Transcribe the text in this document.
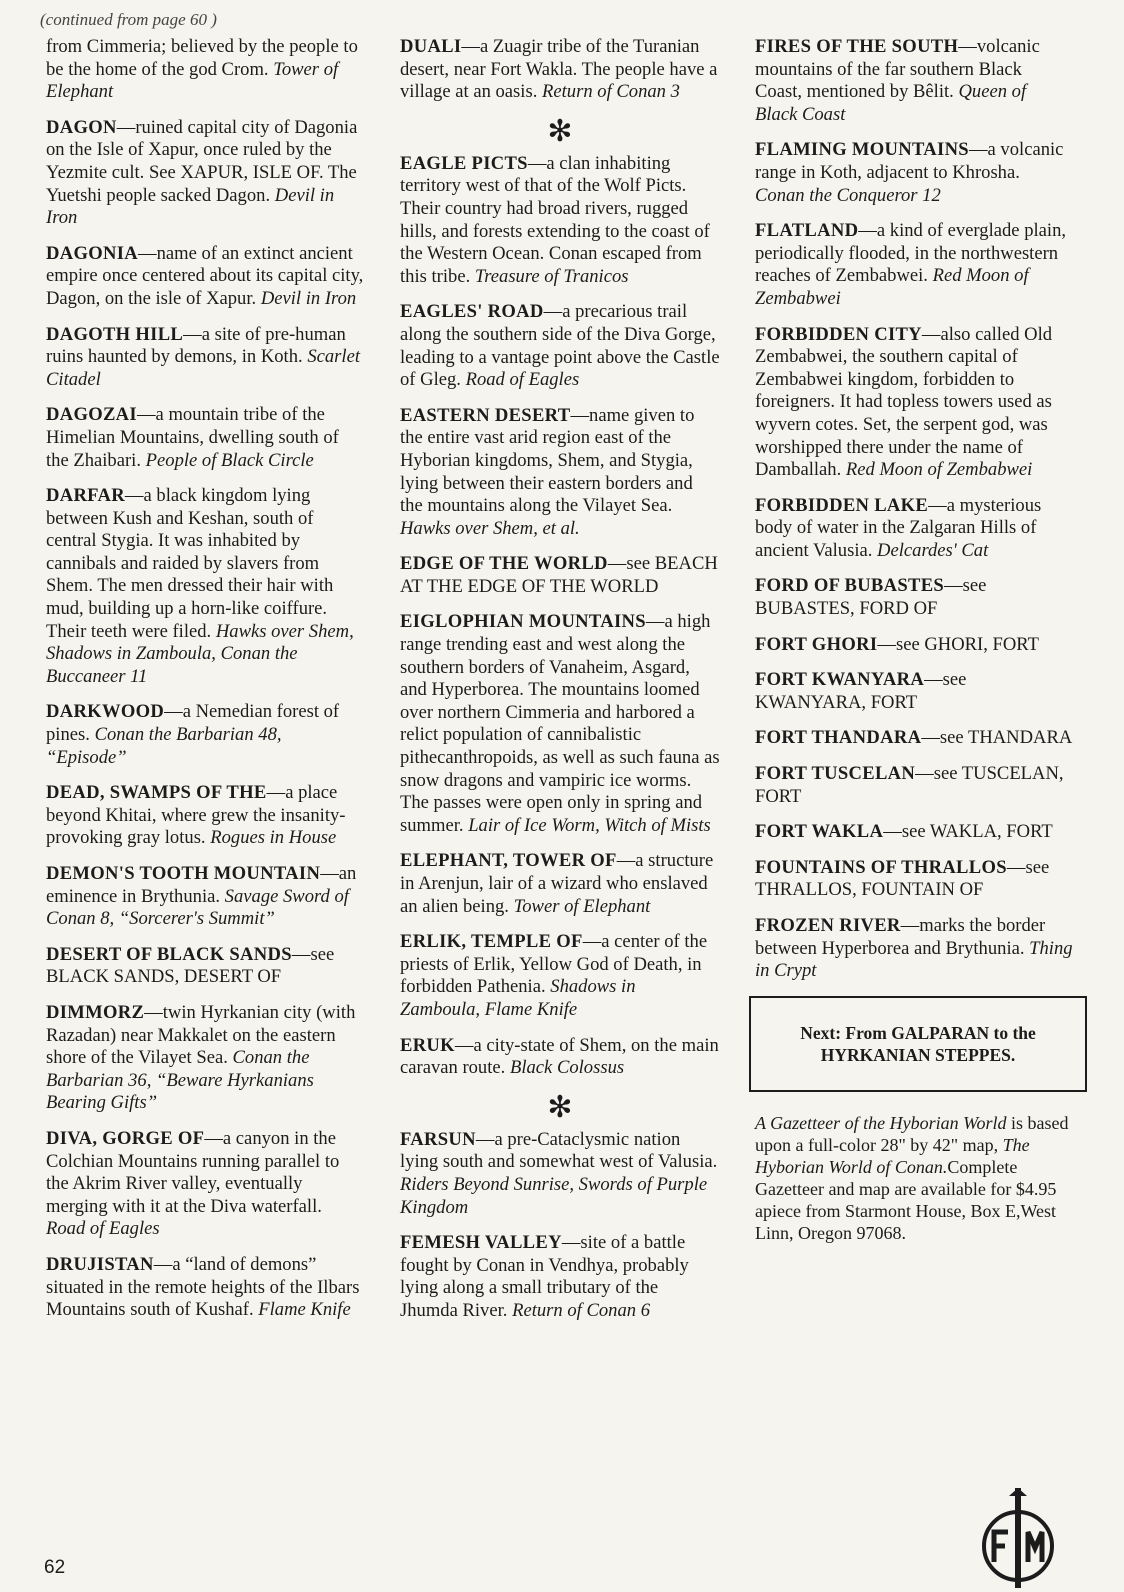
(continued from page 60 )
from Cimmeria; believed by the people to be the home of the god Crom. Tower of Elephant
DAGON—ruined capital city of Dagonia on the Isle of Xapur, once ruled by the Yezmite cult. See XAPUR, ISLE OF. The Yuetshi people sacked Dagon. Devil in Iron
DAGONIA—name of an extinct ancient empire once centered about its capital city, Dagon, on the isle of Xapur. Devil in Iron
DAGOTH HILL—a site of pre-human ruins haunted by demons, in Koth. Scarlet Citadel
DAGOZAI—a mountain tribe of the Himelian Mountains, dwelling south of the Zhaibari. People of Black Circle
DARFAR—a black kingdom lying between Kush and Keshan, south of central Stygia. It was inhabited by cannibals and raided by slavers from Shem. The men dressed their hair with mud, building up a horn-like coiffure. Their teeth were filed. Hawks over Shem, Shadows in Zamboula, Conan the Buccaneer 11
DARKWOOD—a Nemedian forest of pines. Conan the Barbarian 48, “Episode”
DEAD, SWAMPS OF THE—a place beyond Khitai, where grew the insanity-provoking gray lotus. Rogues in House
DEMON'S TOOTH MOUNTAIN—an eminence in Brythunia. Savage Sword of Conan 8, “Sorcerer's Summit”
DESERT OF BLACK SANDS—see BLACK SANDS, DESERT OF
DIMMORZ—twin Hyrkanian city (with Razadan) near Makkalet on the eastern shore of the Vilayet Sea. Conan the Barbarian 36, “Beware Hyrkanians Bearing Gifts”
DIVA, GORGE OF—a canyon in the Colchian Mountains running parallel to the Akrim River valley, eventually merging with it at the Diva waterfall. Road of Eagles
DRUJISTAN—a “land of demons” situated in the remote heights of the Ilbars Mountains south of Kushaf. Flame Knife
DUALI—a Zuagir tribe of the Turanian desert, near Fort Wakla. The people have a village at an oasis. Return of Conan 3
✻
EAGLE PICTS—a clan inhabiting territory west of that of the Wolf Picts. Their country had broad rivers, rugged hills, and forests extending to the coast of the Western Ocean. Conan escaped from this tribe. Treasure of Tranicos
EAGLES' ROAD—a precarious trail along the southern side of the Diva Gorge, leading to a vantage point above the Castle of Gleg. Road of Eagles
EASTERN DESERT—name given to the entire vast arid region east of the Hyborian kingdoms, Shem, and Stygia, lying between their eastern borders and the mountains along the Vilayet Sea. Hawks over Shem, et al.
EDGE OF THE WORLD—see BEACH AT THE EDGE OF THE WORLD
EIGLOPHIAN MOUNTAINS—a high range trending east and west along the southern borders of Vanaheim, Asgard, and Hyperborea. The mountains loomed over northern Cimmeria and harbored a relict population of cannibalistic pithecanthropoids, as well as such fauna as snow dragons and vampiric ice worms. The passes were open only in spring and summer. Lair of Ice Worm, Witch of Mists
ELEPHANT, TOWER OF—a structure in Arenjun, lair of a wizard who enslaved an alien being. Tower of Elephant
ERLIK, TEMPLE OF—a center of the priests of Erlik, Yellow God of Death, in forbidden Pathenia. Shadows in Zamboula, Flame Knife
ERUK—a city-state of Shem, on the main caravan route. Black Colossus
✻
FARSUN—a pre-Cataclysmic nation lying south and somewhat west of Valusia. Riders Beyond Sunrise, Swords of Purple Kingdom
FEMESH VALLEY—site of a battle fought by Conan in Vendhya, probably lying along a small tributary of the Jhumda River. Return of Conan 6
FIRES OF THE SOUTH—volcanic mountains of the far southern Black Coast, mentioned by Bêlit. Queen of Black Coast
FLAMING MOUNTAINS—a volcanic range in Koth, adjacent to Khrosha. Conan the Conqueror 12
FLATLAND—a kind of everglade plain, periodically flooded, in the northwestern reaches of Zembabwei. Red Moon of Zembabwei
FORBIDDEN CITY—also called Old Zembabwei, the southern capital of Zembabwei kingdom, forbidden to foreigners. It had topless towers used as wyvern cotes. Set, the serpent god, was worshipped there under the name of Damballah. Red Moon of Zembabwei
FORBIDDEN LAKE—a mysterious body of water in the Zalgaran Hills of ancient Valusia. Delcardes' Cat
FORD OF BUBASTES—see BUBASTES, FORD OF
FORT GHORI—see GHORI, FORT
FORT KWANYARA—see KWANYARA, FORT
FORT THANDARA—see THANDARA
FORT TUSCELAN—see TUSCELAN, FORT
FORT WAKLA—see WAKLA, FORT
FOUNTAINS OF THRALLOS—see THRALLOS, FOUNTAIN OF
FROZEN RIVER—marks the border between Hyperborea and Brythunia. Thing in Crypt
Next: From GALPARAN to the
HYRKANIAN STEPPES.
A Gazetteer of the Hyborian World is based upon a full-color 28" by 42" map, The Hyborian World of Conan.Complete Gazetteer and map are available for $4.95 apiece from Starmont House, Box E,West Linn, Oregon 97068.
62
